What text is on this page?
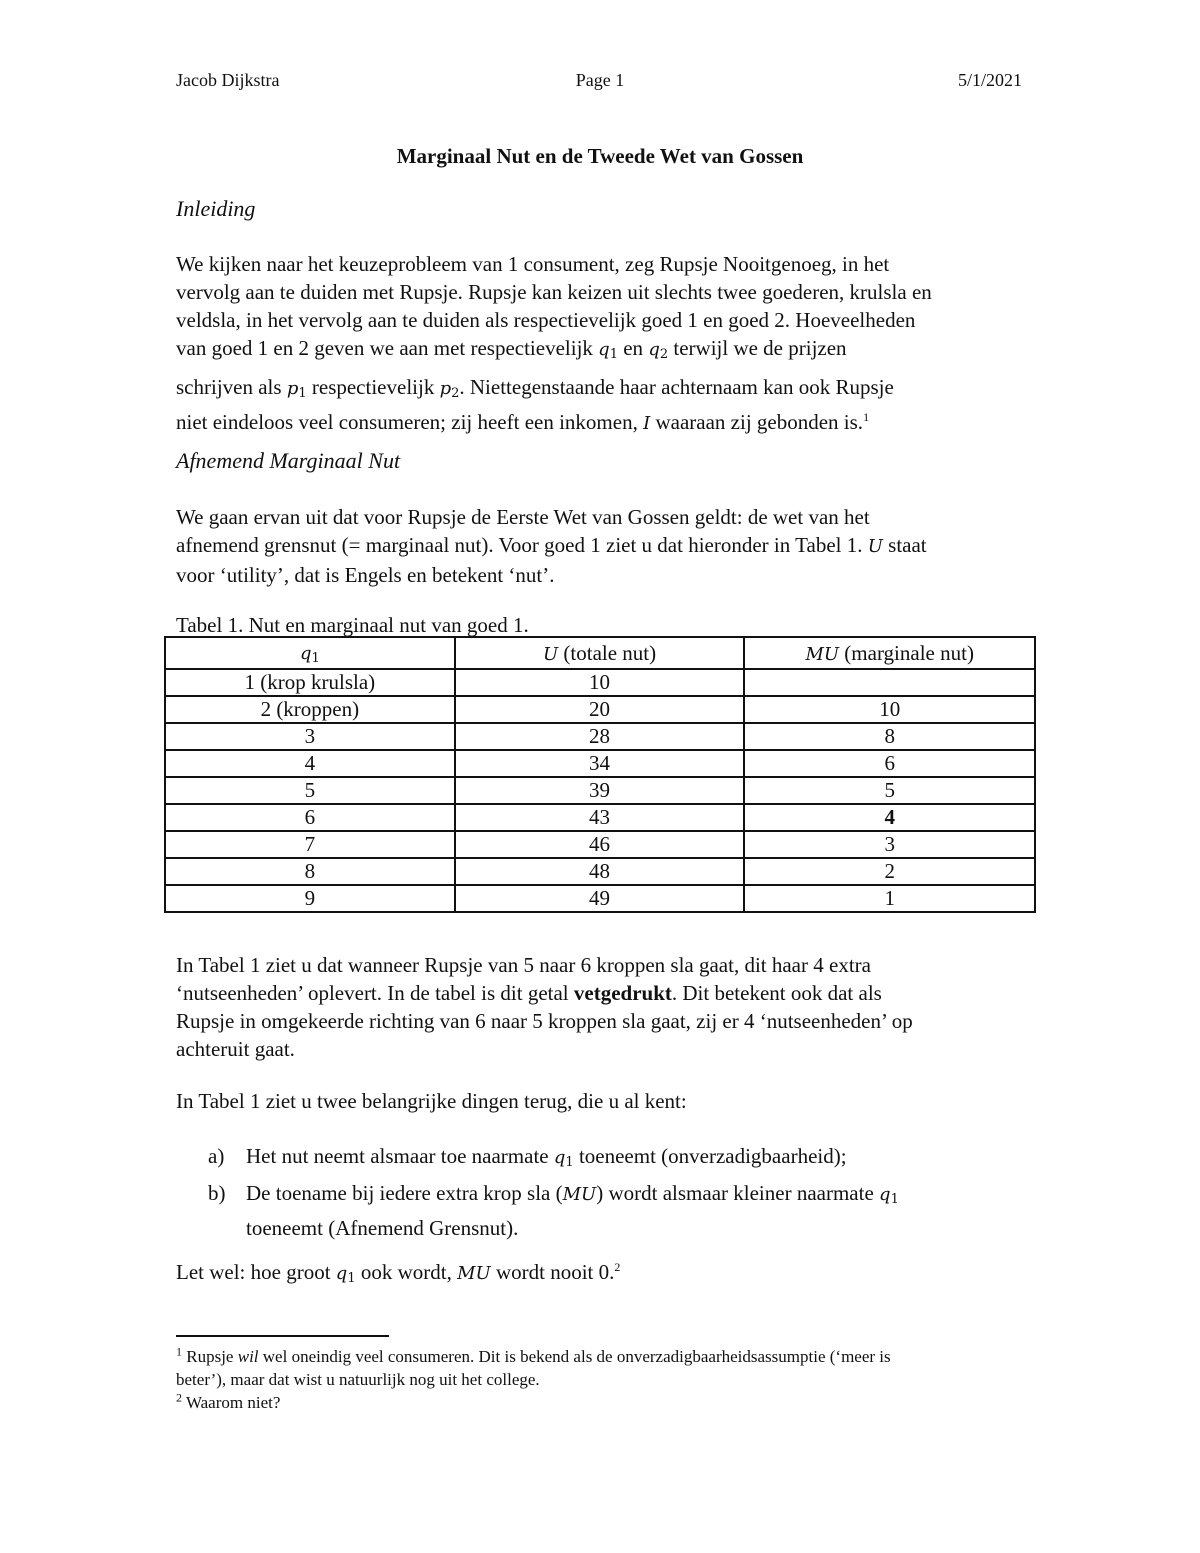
Jacob Dijkstra	Page 1	5/1/2021
Marginaal Nut en de Tweede Wet van Gossen
Inleiding

We kijken naar het keuzeprobleem van 1 consument, zeg Rupsje Nooitgenoeg, in het

vervolg aan te duiden met Rupsje. Rupsje kan keizen uit slechts twee goederen, krulsla en

veldsla, in het vervolg aan te duiden als respectievelijk goed 1 en goed 2. Hoeveelheden

van goed 1 en 2 geven we aan met respectievelijk $q_1$ en $q_2$ terwijl we de prijzen

schrijven als $p_1$ respectievelijk $p_2$. Niettegenstaande haar achternaam kan ook Rupsje

niet eindeloos veel consumeren; zij heeft een inkomen, I waaraan zij gebonden is.$^1$

Afnemend Marginaal Nut

We gaan ervan uit dat voor Rupsje de Eerste Wet van Gossen geldt: de wet van het

afnemend grensnut (= marginaal nut). Voor goed 1 ziet u dat hieronder in Tabel 1. U staat

voor ‘utility’, dat is Engels en betekent ‘nut’.

Tabel 1. Nut en marginaal nut van goed 1.
$q_1$	U (totale nut)	MU (marginale nut)
1 (krop krulsla)	10	
2 (kroppen)	20	10
3	28	8
4	34	6
5	39	5
6	43	4
7	46	3
8	48	2
9	49	1

In Tabel 1 ziet u dat wanneer Rupsje van 5 naar 6 kroppen sla gaat, dit haar 4 extra

‘nutseenheden’ oplevert. In de tabel is dit getal vetgedrukt. Dit betekent ook dat als

Rupsje in omgekeerde richting van 6 naar 5 kroppen sla gaat, zij er 4 ‘nutseenheden’ op

achteruit gaat.

In Tabel 1 ziet u twee belangrijke dingen terug, die u al kent:
a) Het nut neemt alsmaar toe naarmate $q_1$ toeneemt (onverzadigbaarheid);
b) De toename bij iedere extra krop sla (MU) wordt alsmaar kleiner naarmate $q_1$
toeneemt (Afnemend Grensnut).

Let wel: hoe groot $q_1$ ook wordt, MU wordt nooit 0.$^2$

$^1$ Rupsje wil wel oneindig veel consumeren. Dit is bekend als de onverzadigbaarheidsassumptie (‘meer is

beter’), maar dat wist u natuurlijk nog uit het college.

$^2$ Waarom niet?
